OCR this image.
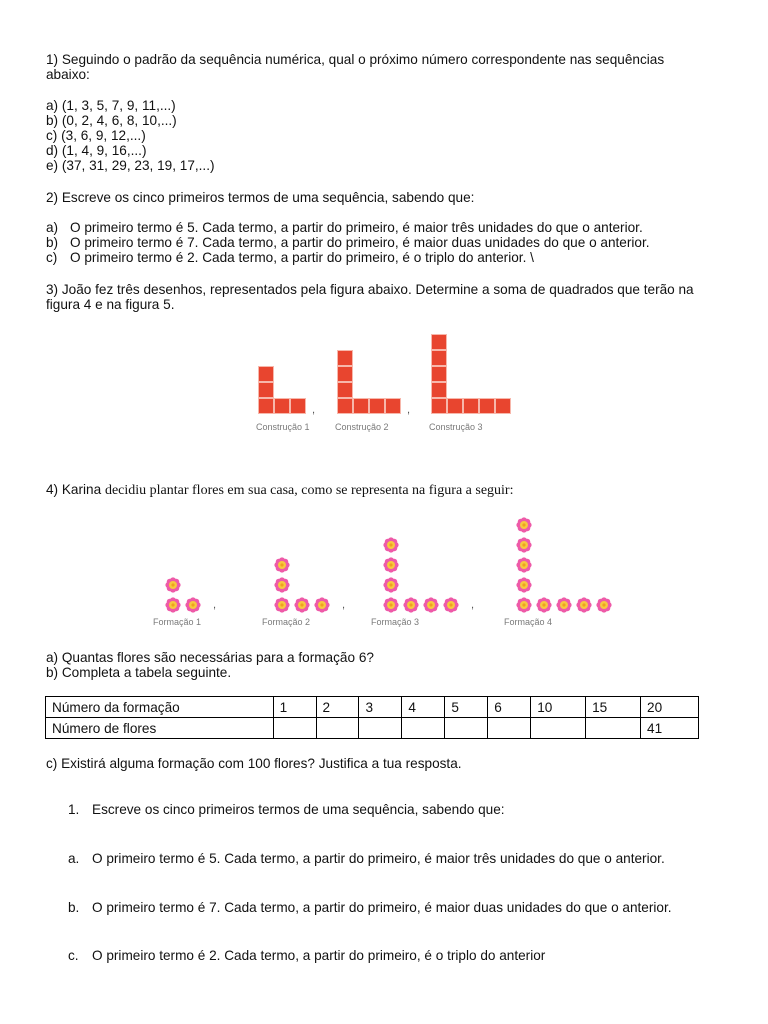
1) Seguindo o padrão da sequência numérica, qual o próximo número correspondente nas sequências
abaixo:
a) (1, 3, 5, 7, 9, 11,...)
b) (0, 2, 4, 6, 8, 10,...)
c) (3, 6, 9, 12,...)
d) (1, 4, 9, 16,...)
e) (37, 31, 29, 23, 19, 17,...)
2) Escreve os cinco primeiros termos de uma sequência, sabendo que:
a) O primeiro termo é 5. Cada termo, a partir do primeiro, é maior três unidades do que o anterior.
b) O primeiro termo é 7. Cada termo, a partir do primeiro, é maior duas unidades do que o anterior.
c) O primeiro termo é 2. Cada termo, a partir do primeiro, é o triplo do anterior. \
3) João fez três desenhos, representados pela figura abaixo. Determine a soma de quadrados que terão na
figura 4 e na figura 5.
Construção 1
,
Construção 2
,
Construção 3
4) Karina decidiu plantar flores em sua casa, como se representa na figura a seguir:
Formação 1
,
Formação 2
,
Formação 3
,
Formação 4
a) Quantas flores são necessárias para a formação 6?
b) Completa a tabela seguinte.
Número da formação	1	2	3	4	5	6	10	15	20
Número de flores									41
c) Existirá alguma formação com 100 flores? Justifica a tua resposta.
1. Escreve os cinco primeiros termos de uma sequência, sabendo que:
a. O primeiro termo é 5. Cada termo, a partir do primeiro, é maior três unidades do que o anterior.
b. O primeiro termo é 7. Cada termo, a partir do primeiro, é maior duas unidades do que o anterior.
c. O primeiro termo é 2. Cada termo, a partir do primeiro, é o triplo do anterior
